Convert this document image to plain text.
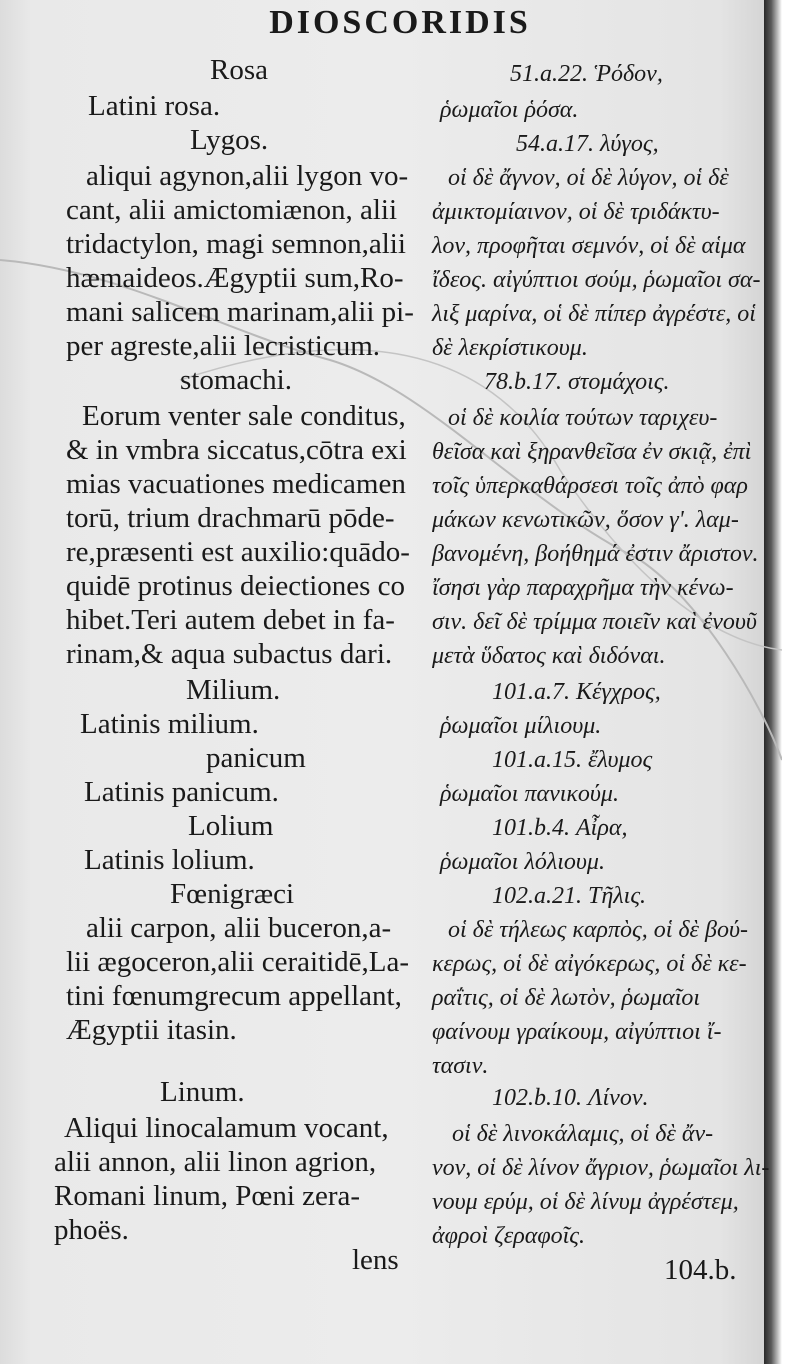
DIOSCORIDIS
Rosa
Latini rosa.
Lygos.
aliqui agynon,alii lygon vo-
cant, alii amictomiænon, alii
tridactylon, magi semnon,alii
hæmaideos.Ægyptii sum,Ro-
mani salicem marinam,alii pi-
per agreste,alii lecristicum.
stomachi.
Eorum venter sale conditus,
& in vmbra siccatus,cōtra exi
mias vacuationes medicamen
torū, trium drachmarū pōde-
re,præsenti est auxilio:quādo-
quidē protinus deiectiones co
hibet.Teri autem debet in fa-
rinam,& aqua subactus dari.
Milium.
Latinis milium.
panicum
Latinis panicum.
Lolium
Latinis lolium.
Fœnigræci
alii carpon, alii buceron,a-
lii ægoceron,alii ceraitidē,La-
tini fœnumgrecum appellant,
Ægyptii itasin.
Linum.
Aliqui linocalamum vocant,
alii annon, alii linon agrion,
Romani linum, Pœni zera-
phoës.
51.a.22. Ῥόδον,
ῥωμαῖοι ῥόσα.
54.a.17. λύγος,
οἱ δὲ ἄγνον, οἱ δὲ λύγον, οἱ δὲ
ἀμικτομίαινον, οἱ δὲ τριδάκτυ-
λον, προφῆται σεμνόν, οἱ δὲ αἱμα
ἴδεος. αἰγύπτιοι σούμ, ῥωμαῖοι σα-
λιξ μαρίνα, οἱ δὲ πίπερ ἀγρέστε, οἱ
δὲ λεκρίστικουμ.
78.b.17. στομάχοις.
οἱ δὲ κοιλία τούτων ταριχευ-
θεῖσα καὶ ξηρανθεῖσα ἐν σκιᾷ, ἐπὶ
τοῖς ὑπερκαθάρσεσι τοῖς ἀπὸ φαρ
μάκων κενωτικῶν, ὅσον γ'. λαμ-
βανομένη, βοήθημά ἐστιν ἄριστον.
ἴσησι γὰρ παραχρῆμα τὴν κένω-
σιν. δεῖ δὲ τρίμμα ποιεῖν καὶ ἐνουῦ
μετὰ ὕδατος καὶ διδόναι.
101.a.7. Κέγχρος,
ῥωμαῖοι μίλιουμ.
101.a.15. ἔλυμος
ῥωμαῖοι πανικούμ.
101.b.4. Αἶρα,
ῥωμαῖοι λόλιουμ.
102.a.21. Τῆλις.
οἱ δὲ τήλεως καρπὸς, οἱ δὲ βού-
κερως, οἱ δὲ αἰγόκερως, οἱ δὲ κε-
ραΐτις, οἱ δὲ λωτὸν, ῥωμαῖοι
φαίνουμ γραίκουμ, αἰγύπτιοι ἴ-
τασιν.
102.b.10. Λίνον.
οἱ δὲ λινοκάλαμις, οἱ δὲ ἄν-
νον, οἱ δὲ λίνον ἄγριον, ῥωμαῖοι λι-
νουμ ερύμ, οἱ δὲ λίνυμ ἀγρέστεμ,
ἀφροὶ ζεραφοῖς.
lens	104.b.
